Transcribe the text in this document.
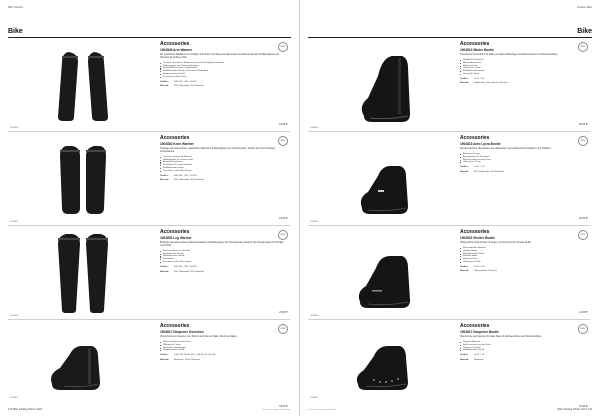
Bike Outdoor
Bike
1904849
Accessories
1904849 Arm Warmer
Für sportliches Radfahren im Frühjahr und Herbst: Armlinge aus wärmendem Funktionsmaterial mit Silikongripper am Oberarm für sicheren Halt.
Leichtes, elastisches Material mit gutem Feuchtigkeitstransport
Silikongripper am Oberarmabschluss
Flachnähte für hohen Tragekomfort
Reflektierende Details für bessere Sichtbarkeit
Ergonomischer Schnitt
Passend zu allen Trikots
Größen: S/M, M/L, L/XL, XL/XXL
Material: 80% Polyamide, 20% Elasthan
NEW
19,95 €*
1904852
Accessories
1904852 Knee Warmer
Knielinge aus wärmendem, elastischem Material mit Silikongripper am Oberschenkel. Schützt die Knie bei kühlen Temperaturen.
Leichtes, elastisches Material
Silikongripper für sicheren Halt
Anatomisch geformt
Flachnähte für hohen Komfort
Reflektierende Logos
Passend zu allen Bike-Hosen
Größen: S/M, M/L, L/XL, XL/XXL
Material: 80% Polyamide, 20% Elasthan
NEW
19,95 €*
1904850
Accessories
1904850 Leg Warmer
Beinlinge aus wärmendem Funktionsmaterial mit Silikongripper am Oberschenkel. Ideal für die Übergangszeit im Frühjahr und Herbst.
Reißverschluss am Knöchel
Anatomischer Schnitt
Reflektierende Details
Flachnähte
Passend zu allen Bike-Hosen
Größen: S/M, M/L, L/XL, XL/XXL
Material: 80% Polyamide, 20% Elasthan
NEW
24,95 €*
1904817
Accessories
1904817 Neoprene Overshoe
Überschuhe aus Neopren zum Schutz der Füße vor Kälte, Wind und Nässe.
Reißverschluss an der Ferse
Öffnung für Cleats
Verstärkte Zehenkappe
Reflektierende Details
Größen: S (37-39), M (40-42), L (43-45), XL (46-48)
Material: Neoprene, 100% Polyester
NEW
34,95 €*
132 Bike Katalog Winter 2021	Preisänderungen vorbehalten
Outdoor Bike
Bike
1904813
Accessories
1904813 Winter Bootie
Thermische Überschuhe für kalte und nasse Wintertage mit Reißverschluss und Klettverschluss.
Winddichtes Material
Wasserabweisend
Klettverschluss
Öffnung für Cleats
Reflektierende Details
Verstärkte Sohle
Größen: S, M, L, XL
Material: Polyamide, Polyurethane, Elasthan
NEW
39,95 €*
1904815
Accessories
1904815 Aero Lycra Bootie
Aerodynamische Überschuhe aus elastischem Lycra-Material für Zeitfahren und Triathlon.
Elastisches Lycra
Aerodynamische Passform
Reißverschluss an der Ferse
Öffnung für Cleats
Größen: S, M, L, XL
Material: 80% Polyamide, 20% Elasthan
NEW
29,95 €*
1904823
Accessories
1904823 Shelter Bootie
Wasserdichte Überschuhe für Regen und Schmutz mit robuster Sohle.
Wasserdichtes Material
Getapte Nähte
Reflektierende Details
Robuste Sohle
Klettverschluss
Öffnung für Cleats
Größen: S, M, L, XL
Material: Polyurethane, Polyester
NEW
44,95 €*
1904817
Accessories
1904817 Neoprene Bootie
Überschuhe aus Neopren für kalte Tage mit Reißverschluss und Klettverschluss.
Neopren-Material
Reißverschluss an der Ferse
Öffnung für Cleats
Reflektierende Details
Größen: S, M, L, XL
Material: Neoprene
NEW
34,95 €*
Preisänderungen vorbehalten	Bike Katalog Winter 2021 133
